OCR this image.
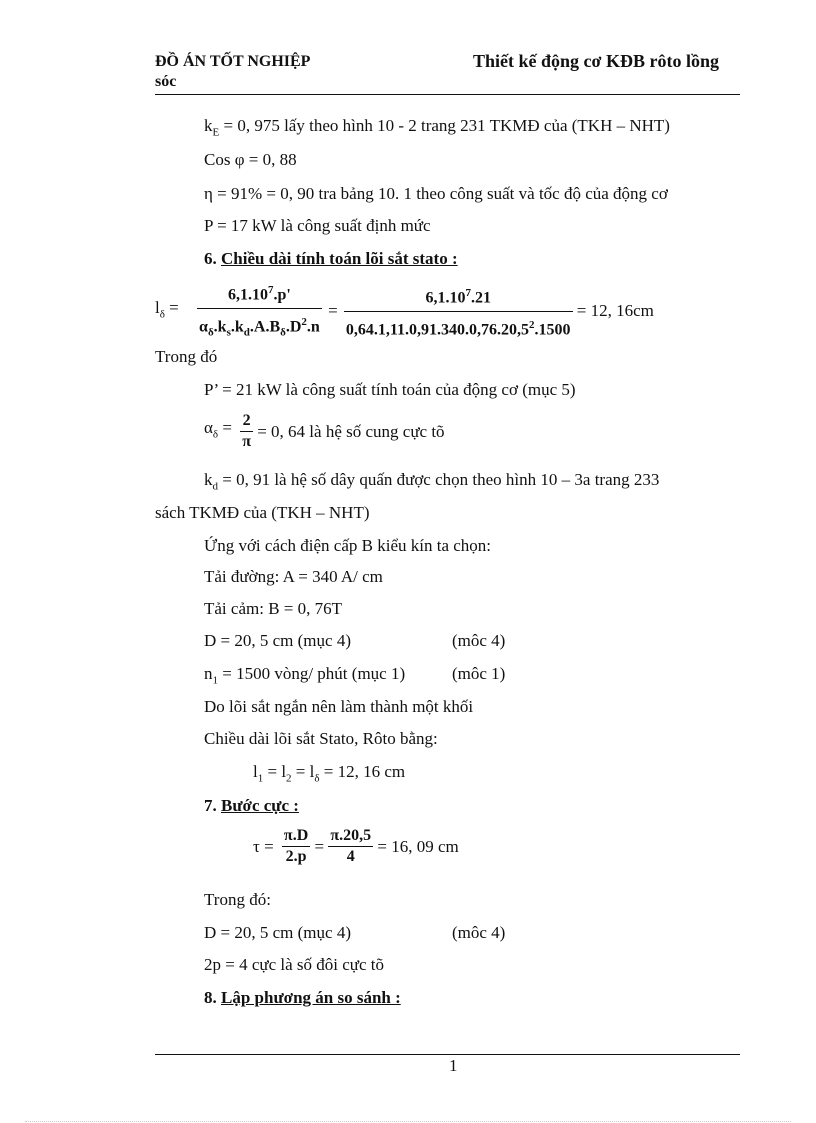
ĐỒ ÁN TỐT NGHIỆP
sóc
Thiết kế động cơ KĐB rôto lồng
$k_E = 0$, 975 lấy theo hình 10 - 2 trang 231 TKMĐ của (TKH – NHT)
Cos φ = 0, 88
η = 91% = 0, 90 tra bảng 10. 1 theo công suất và tốc độ của động cơ
P = 17 kW là công suất định mức
6. Chiều dài tính toán lõi sắt stato :
$l_\delta = \frac{6,1.10^7.p'}{\alpha_\delta.k_s.k_d.A.B_\delta.D^2.n} = \frac{6,1.10^7.21}{0,64.1,11.0,91.340.0,76.20,5^2.1500} = 12$, 16cm
Trong đó
P’ = 21 kW là công suất tính toán của động cơ (mục 5)
$\alpha_\delta = \frac{2}{\pi} = 0$, 64 là hệ số cung cực tõ
$k_d = 0$, 91 là hệ số dây quấn được chọn theo hình 10 – 3a trang 233
sách TKMĐ của (TKH – NHT)
Ứng với cách điện cấp B kiểu kín ta chọn:
Tải đường: A = 340 A/ cm
Tải cảm: B = 0, 76T
D = 20, 5 cm (mục 4)	(môc 4)
$n_1 = 1500$ vòng/ phút (mục 1)	(môc 1)
Do lõi sắt ngắn nên làm thành một khối
Chiều dài lõi sắt Stato, Rôto bằng:
$l_1 = l_2 = l_\delta = 12$, 16 cm
7. Bước cực :
$\tau = \frac{\pi.D}{2.p} = \frac{\pi.20,5}{4} = 16$, 09 cm
Trong đó:
D = 20, 5 cm (mục 4)	(môc 4)
2p = 4 cực là số đôi cực tõ
8. Lập phương án so sánh :
1
